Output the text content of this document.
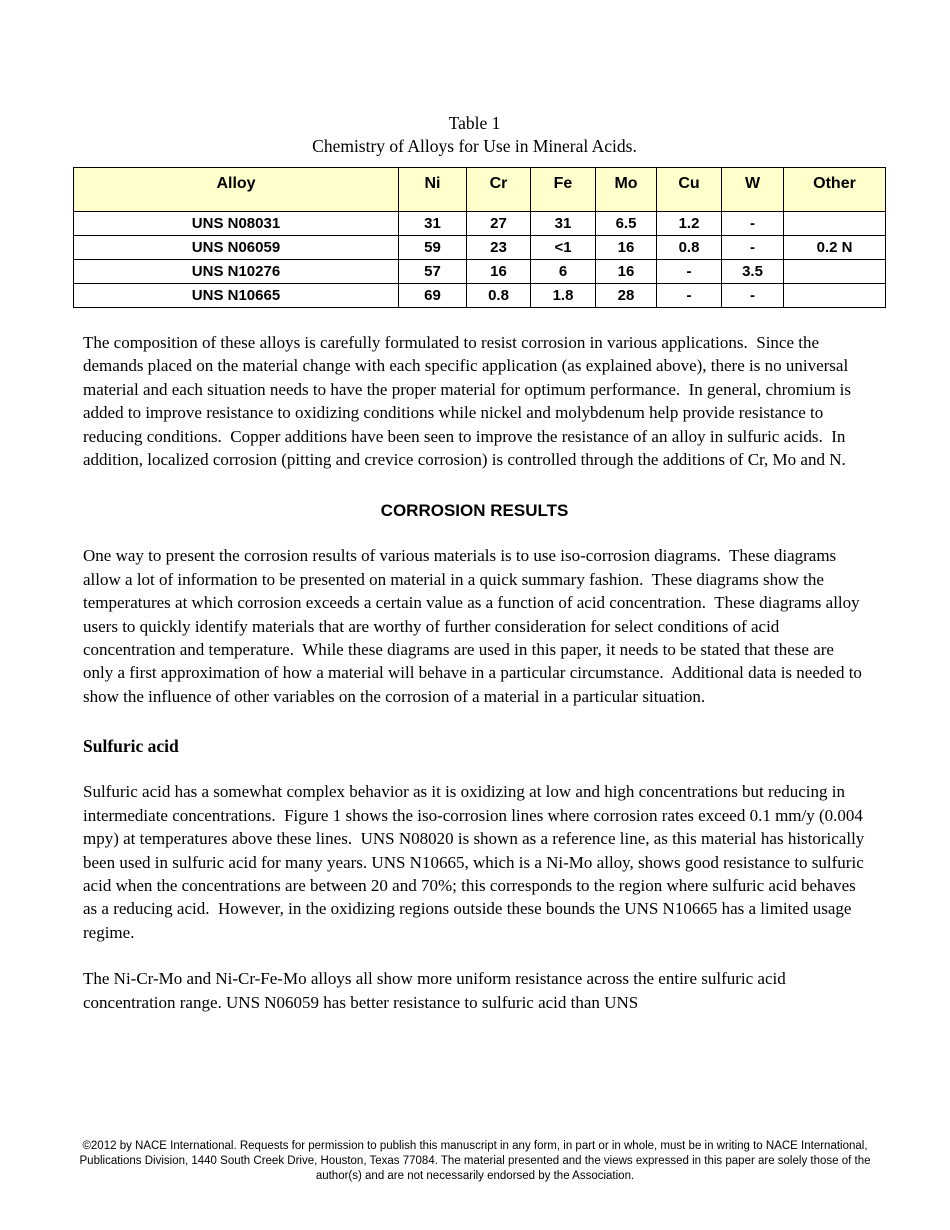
Table 1
Chemistry of Alloys for Use in Mineral Acids.
Alloy	Ni	Cr	Fe	Mo	Cu	W	Other
UNS N08031	31	27	31	6.5	1.2	-	
UNS N06059	59	23	<1	16	0.8	-	0.2 N
UNS N10276	57	16	6	16	-	3.5	
UNS N10665	69	0.8	1.8	28	-	-	

The composition of these alloys is carefully formulated to resist corrosion in various applications.  Since the demands placed on the material change with each specific application (as explained above), there is no universal material and each situation needs to have the proper material for optimum performance.  In general, chromium is added to improve resistance to oxidizing conditions while nickel and molybdenum help provide resistance to reducing conditions.  Copper additions have been seen to improve the resistance of an alloy in sulfuric acids.  In addition, localized corrosion (pitting and crevice corrosion) is controlled through the additions of Cr, Mo and N.

CORROSION RESULTS

One way to present the corrosion results of various materials is to use iso-corrosion diagrams.  These diagrams allow a lot of information to be presented on material in a quick summary fashion.  These diagrams show the temperatures at which corrosion exceeds a certain value as a function of acid concentration.  These diagrams alloy users to quickly identify materials that are worthy of further consideration for select conditions of acid concentration and temperature.  While these diagrams are used in this paper, it needs to be stated that these are only a first approximation of how a material will behave in a particular circumstance.  Additional data is needed to show the influence of other variables on the corrosion of a material in a particular situation.

Sulfuric acid

Sulfuric acid has a somewhat complex behavior as it is oxidizing at low and high concentrations but reducing in intermediate concentrations.  Figure 1 shows the iso-corrosion lines where corrosion rates exceed 0.1 mm/y (0.004 mpy) at temperatures above these lines.  UNS N08020 is shown as a reference line, as this material has historically been used in sulfuric acid for many years. UNS N10665, which is a Ni-Mo alloy, shows good resistance to sulfuric acid when the concentrations are between 20 and 70%; this corresponds to the region where sulfuric acid behaves as a reducing acid.  However, in the oxidizing regions outside these bounds the UNS N10665 has a limited usage regime.

The Ni-Cr-Mo and Ni-Cr-Fe-Mo alloys all show more uniform resistance across the entire sulfuric acid concentration range. UNS N06059 has better resistance to sulfuric acid than UNS

©2012 by NACE International. Requests for permission to publish this manuscript in any form, in part or in whole, must be in writing to NACE International, Publications Division, 1440 South Creek Drive, Houston, Texas 77084. The material presented and the views expressed in this paper are solely those of the author(s) and are not necessarily endorsed by the Association.
